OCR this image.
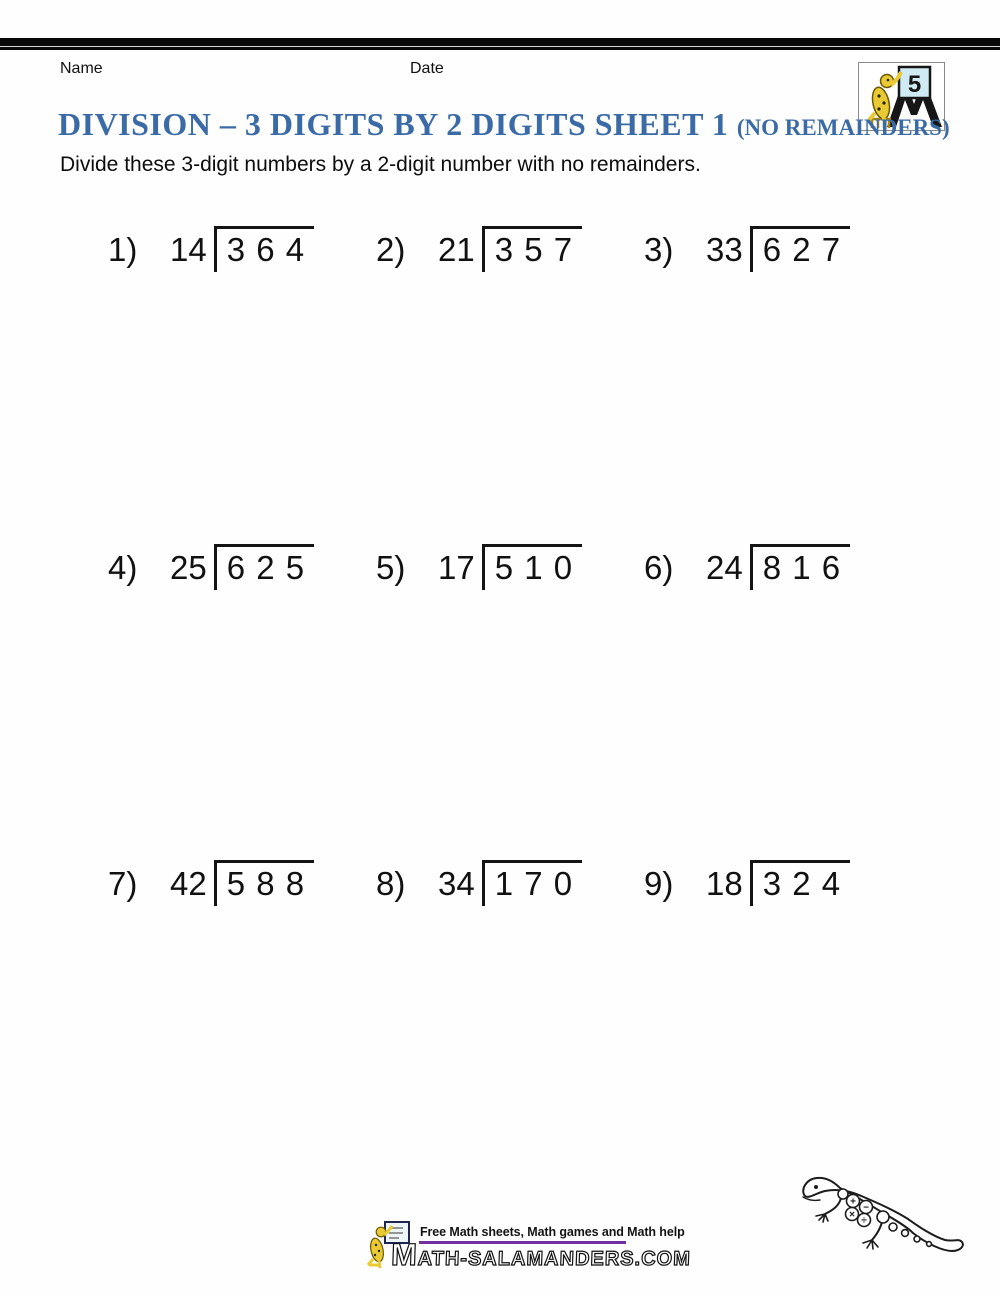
Name	Date
5
DIVISION – 3 DIGITS BY 2 DIGITS SHEET 1 (NO REMAINDERS)
Divide these 3-digit numbers by a 2-digit number with no remainders.
1) 14 3 6 4 2) 21 3 5 7 3) 33 6 2 7
4) 25 6 2 5 5) 17 5 1 0 6) 24 8 1 6
7) 42 5 8 8 8) 34 1 7 0 9) 18 3 2 4
Free Math sheets, Math games and Math help
MATH-SALAMANDERS.COM
+
−
×
÷
